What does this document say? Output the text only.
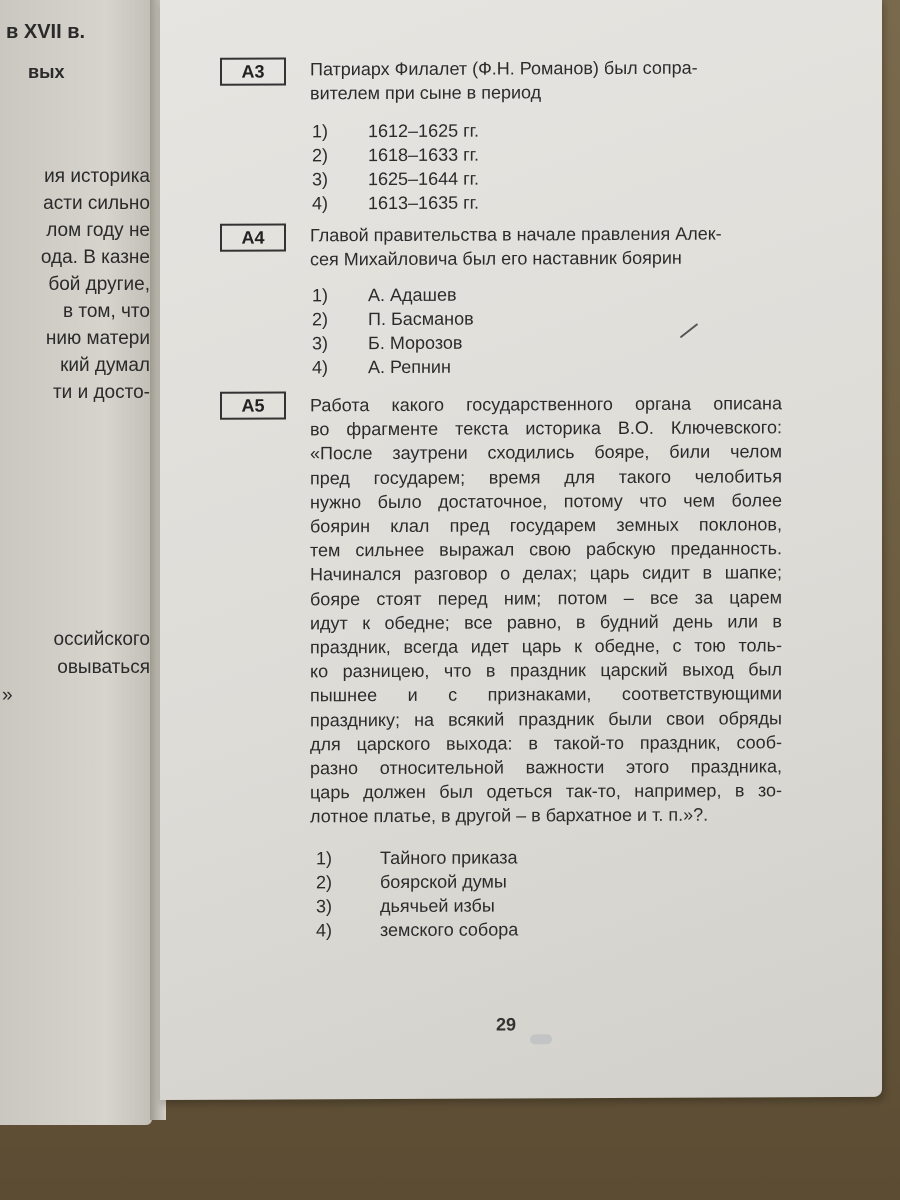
в XVII в.
вых
ия историка
асти сильно
лом году не
ода. В казне
бой другие,
в том, что
нию матери
кий думал
ти и досто-
оссийского
овываться
»
A3	Патриарх Филалет (Ф.Н. Романов) был сопра-
вителем при сыне в период
1)	1612–1625 гг.
2)	1618–1633 гг.
3)	1625–1644 гг.
4)	1613–1635 гг.
A4	Главой правительства в начале правления Алек-
сея Михайловича был его наставник боярин
1)	А. Адашев
2)	П. Басманов
3)	Б. Морозов
4)	А. Репнин
A5	Работа какого государственного органа описана
во фрагменте текста историка В.О. Ключевского:
«После заутрени сходились бояре, били челом
пред государем; время для такого челобитья
нужно было достаточное, потому что чем более
боярин клал пред государем земных поклонов,
тем сильнее выражал свою рабскую преданность.
Начинался разговор о делах; царь сидит в шапке;
бояре стоят перед ним; потом – все за царем
идут к обедне; все равно, в будний день или в
праздник, всегда идет царь к обедне, с тою толь-
ко разницею, что в праздник царский выход был
пышнее и с признаками, соответствующими
празднику; на всякий праздник были свои обряды
для царского выхода: в такой-то праздник, сооб-
разно относительной важности этого праздника,
царь должен был одеться так-то, например, в зо-
лотное платье, в другой – в бархатное и т. п.»?.
1)	Тайного приказа
2)	боярской думы
3)	дьячьей избы
4)	земского собора
29
